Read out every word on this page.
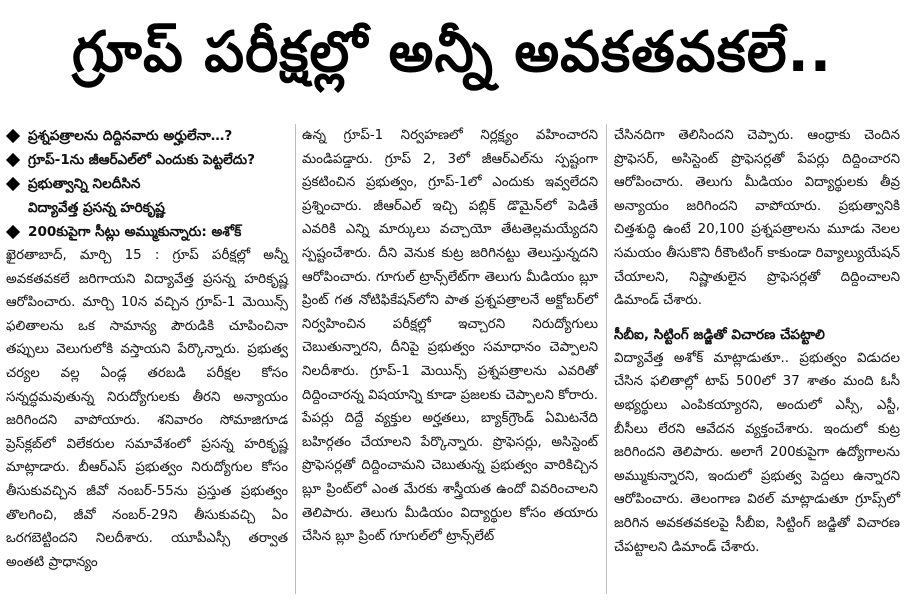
గ్రూప్ పరీక్షల్లో అన్నీ అవకతవకలే..
ప్రశ్నపత్రాలను దిద్దినవారు అర్హులేనా…?
గ్రూప్-1ను జీఆర్‌ఎల్‌లో ఎందుకు పెట్టలేదు?
ప్రభుత్వాన్ని నిలదీసిన
విద్యావేత్త ప్రసన్న హరికృష్ణ
200కుపైగా సీట్లు అమ్ముకున్నారు: అశోక్

ఖైరతాబాద్, మార్చి 15 : గ్రూప్ పరీక్షల్లో అన్నీ అవకతవకలే జరిగాయని విద్యావేత్త ప్రసన్న హరికృష్ణ ఆరోపించారు. మార్చి 10న వచ్చిన గ్రూప్-1 మెయిన్స్ ఫలితాలను ఒక సామాన్య పౌరుడికి చూపించినా తప్పులు వెలుగులోకి వస్తాయని పేర్కొన్నారు. ప్రభుత్వ చర్యల వల్ల ఏండ్ల తరబడి పరీక్షల కోసం సన్నద్ధమవుతున్న నిరుద్యోగులకు తీరని అన్యాయం జరిగిందని వాపోయారు. శనివారం సోమాజిగూడ ప్రెస్‌క్లబ్‌లో విలేకరుల సమావేశంలో ప్రసన్న హరికృష్ణ మాట్లాడారు. బీఆర్‌ఎస్ ప్రభుత్వం నిరుద్యోగుల కోసం తీసుకువచ్చిన జీవో నంబర్-55ను ప్రస్తుత ప్రభుత్వం తొలగించి, జీవో నంబర్-29ని తీసుకువచ్చి ఏం ఒరగబెట్టిందని నిలదీశారు. యూపీఎస్సీ తర్వాత అంతటి ప్రాధాన్యం

ఉన్న గ్రూప్-1 నిర్వహణలో నిర్లక్ష్యం వహించారని మండిపడ్డారు. గ్రూప్ 2, 3లో జీఆర్‌ఎల్‌ను స్పష్టంగా ప్రకటించిన ప్రభుత్వం, గ్రూప్-1లో ఎందుకు ఇవ్వలేదని ప్రశ్నించారు. జీఆర్‌ఎల్ ఇచ్చి పబ్లిక్ డొమైన్‌లో పెడితే ఎవరికి ఎన్ని మార్కులు వచ్చాయో తేటతెల్లమయ్యేదని స్పష్టంచేశారు. దీని వెనుక కుట్ర జరిగినట్టు తెలుస్తున్నదని ఆరోపించారు. గూగుల్ ట్రాన్స్‌లేట్‌గా తెలుగు మీడియం బ్లూ ప్రింట్ గత నోటిఫికేషన్‌లోని పాత ప్రశ్నపత్రాలనే అక్టోబర్‌లో నిర్వహించిన పరీక్షల్లో ఇచ్చారని నిరుద్యోగులు చెబుతున్నారని, దీనిపై ప్రభుత్వం సమాధానం చెప్పాలని నిలదీశారు. గ్రూప్-1 మెయిన్స్ ప్రశ్నపత్రాలను ఎవరితో దిద్దించారన్న విషయాన్ని కూడా ప్రజలకు చెప్పాలని కోరారు. పేపర్లు దిద్దే వ్యక్తుల అర్హతలు, బ్యాక్‌గ్రౌండ్ ఏమిటనేది బహిర్గతం చేయాలని పేర్కొన్నారు. ప్రొఫెసర్లు, అసిస్టెంట్ ప్రొఫెసర్లతో దిద్దించామని చెబుతున్న ప్రభుత్వం వారికిచ్చిన బ్లూ ప్రింట్‌లో ఎంత మేరకు శాస్త్రీయత ఉందో వివరించాలని తెలిపారు. తెలుగు మీడియం విద్యార్థుల కోసం తయారు చేసిన బ్లూ ప్రింట్ గూగుల్‌లో ట్రాన్స్‌లేట్

చేసినదిగా తెలిసిందని చెప్పారు. ఆంధ్రాకు చెందిన ప్రొఫెసర్, అసిస్టెంట్ ప్రొఫెసర్లతో పేపర్లు దిద్దించారని ఆరోపించారు. తెలుగు మీడియం విద్యార్థులకు తీవ్ర అన్యాయం జరిగిందని వాపోయారు. ప్రభుత్వానికి చిత్తశుద్ధి ఉంటే 20,100 ప్రశ్నపత్రాలను మూడు నెలల సమయం తీసుకొని రీకౌంటింగ్ కాకుండా రివ్యాల్యుయేషన్ చేయాలని, నిష్ణాతులైన ప్రొఫెసర్లతో దిద్దించాలని డిమాండ్ చేశారు.

సీబీఐ, సిట్టింగ్ జడ్జితో విచారణ చేపట్టాలి

విద్యావేత్త అశోక్ మాట్లాడుతూ.. ప్రభుత్వం విడుదల చేసిన ఫలితాల్లో టాప్ 500లో 37 శాతం మంది ఓసీ అభ్యర్థులు ఎంపికయ్యారని, అందులో ఎస్సీ, ఎస్టీ, బీసీలు లేరని ఆవేదన వ్యక్తంచేశారు. ఇందులో కుట్ర జరిగిందని తెలిపారు. అలాగే 200కుపైగా ఉద్యోగాలను అమ్ముకున్నారని, ఇందులో ప్రభుత్వ పెద్దలు ఉన్నారని ఆరోపించారు. తెలంగాణ విఠల్ మాట్లాడుతూ గ్రూప్స్‌లో జరిగిన అవకతవకలపై సీబీఐ, సిట్టింగ్ జడ్జితో విచారణ చేపట్టాలని డిమాండ్ చేశారు.
